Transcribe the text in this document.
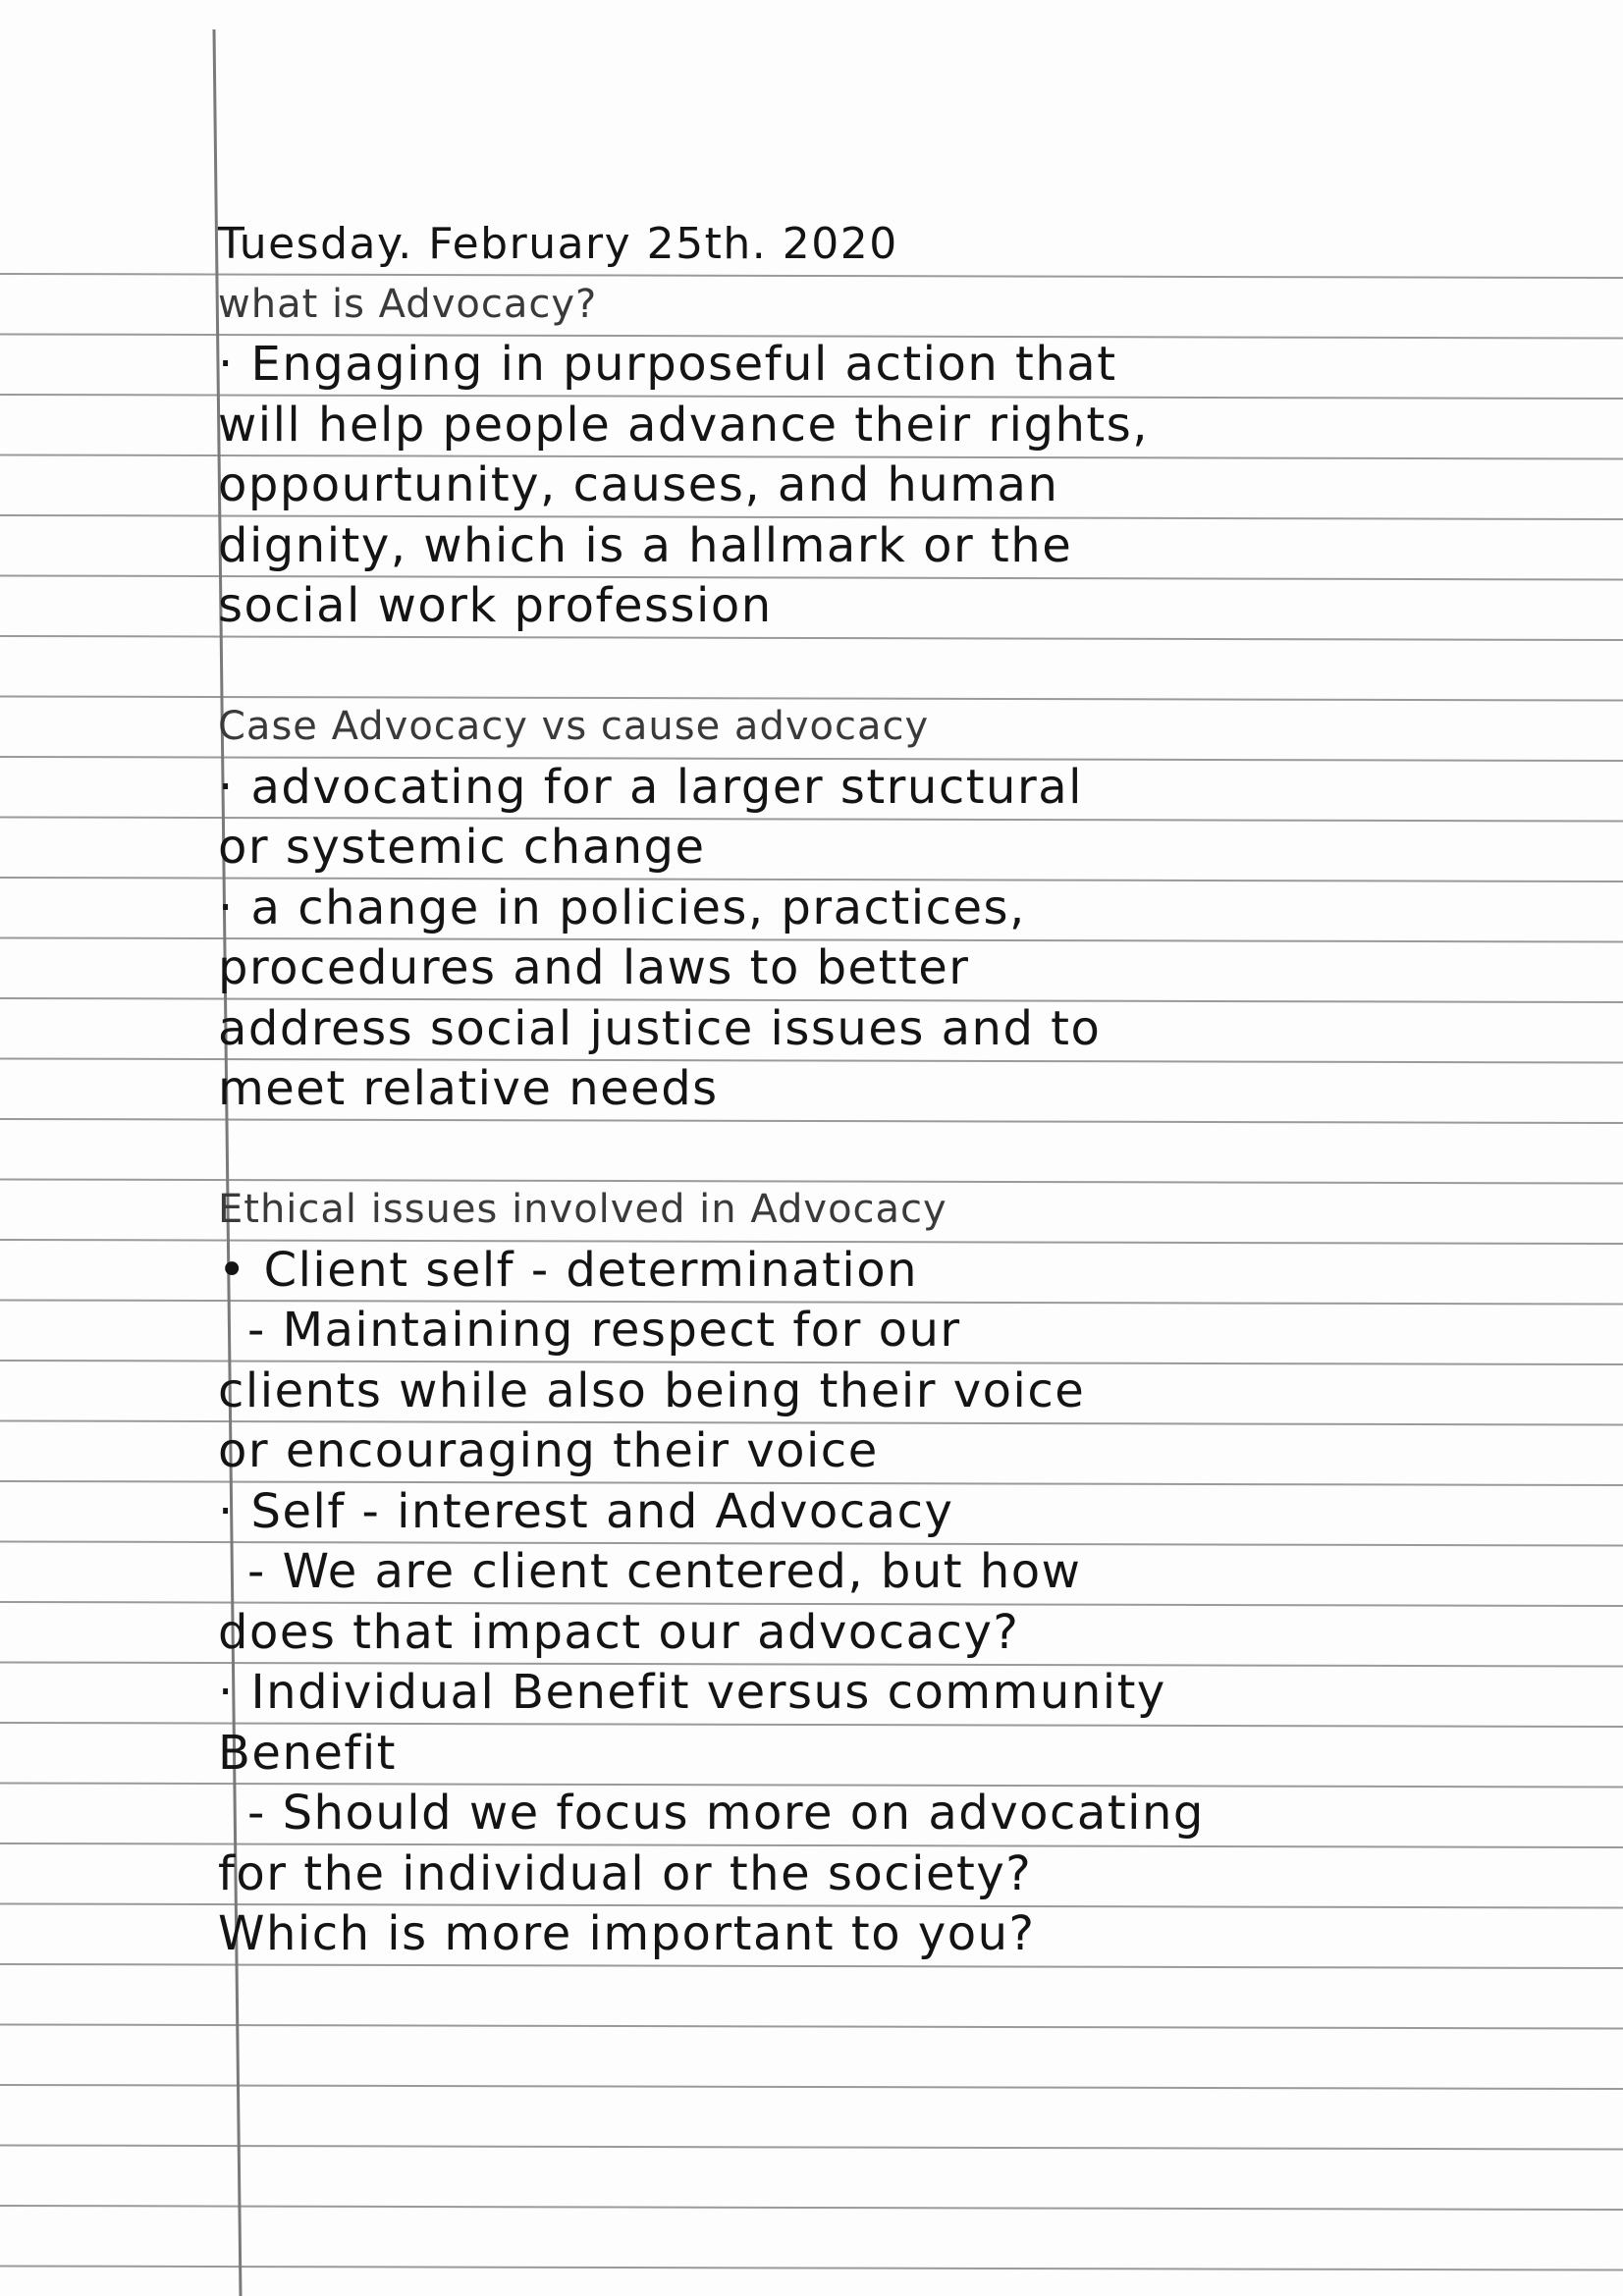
Tuesday. February 25th. 2020
what is Advocacy?
· Engaging in purposeful action that
will help people advance their rights,
oppourtunity, causes, and human
dignity, which is a hallmark or the
social work profession
Case Advocacy vs cause advocacy
· advocating for a larger structural
or systemic change
· a change in policies, practices,
procedures and laws to better
address social justice issues and to
meet relative needs
Ethical issues involved in Advocacy
• Client self - determination
- Maintaining respect for our
clients while also being their voice
or encouraging their voice
· Self - interest and Advocacy
- We are client centered, but how
does that impact our advocacy?
· Individual Benefit versus community
Benefit
- Should we focus more on advocating
for the individual or the society?
Which is more important to you?
